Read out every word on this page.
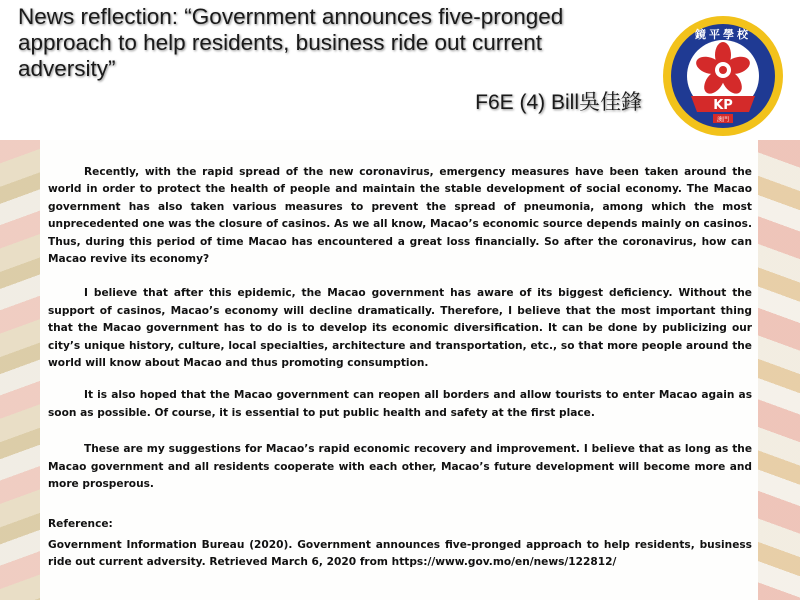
News reflection: “Government announces five-pronged approach to help residents, business ride out current adversity”
F6E (4) Bill吳佳鋒
鏡平學校
KP
澳門

Recently, with the rapid spread of the new coronavirus, emergency measures have been taken around the world in order to protect the health of people and maintain the stable development of social economy. The Macao government has also taken various measures to prevent the spread of pneumonia, among which the most unprecedented one was the closure of casinos. As we all know, Macao’s economic source depends mainly on casinos. Thus, during this period of time Macao has encountered a great loss financially. So after the coronavirus, how can Macao revive its economy?

I believe that after this epidemic, the Macao government has aware of its biggest deficiency. Without the support of casinos, Macao’s economy will decline dramatically. Therefore, I believe that the most important thing that the Macao government has to do is to develop its economic diversification. It can be done by publicizing our city’s unique history, culture, local specialties, architecture and transportation, etc., so that more people around the world will know about Macao and thus promoting consumption.

It is also hoped that the Macao government can reopen all borders and allow tourists to enter Macao again as soon as possible. Of course, it is essential to put public health and safety at the first place.

These are my suggestions for Macao’s rapid economic recovery and improvement. I believe that as long as the Macao government and all residents cooperate with each other, Macao’s future development will become more and more prosperous.

Reference:

Government Information Bureau (2020). Government announces five-pronged approach to help residents, business ride out current adversity. Retrieved March 6, 2020 from https://www.gov.mo/en/news/122812/
